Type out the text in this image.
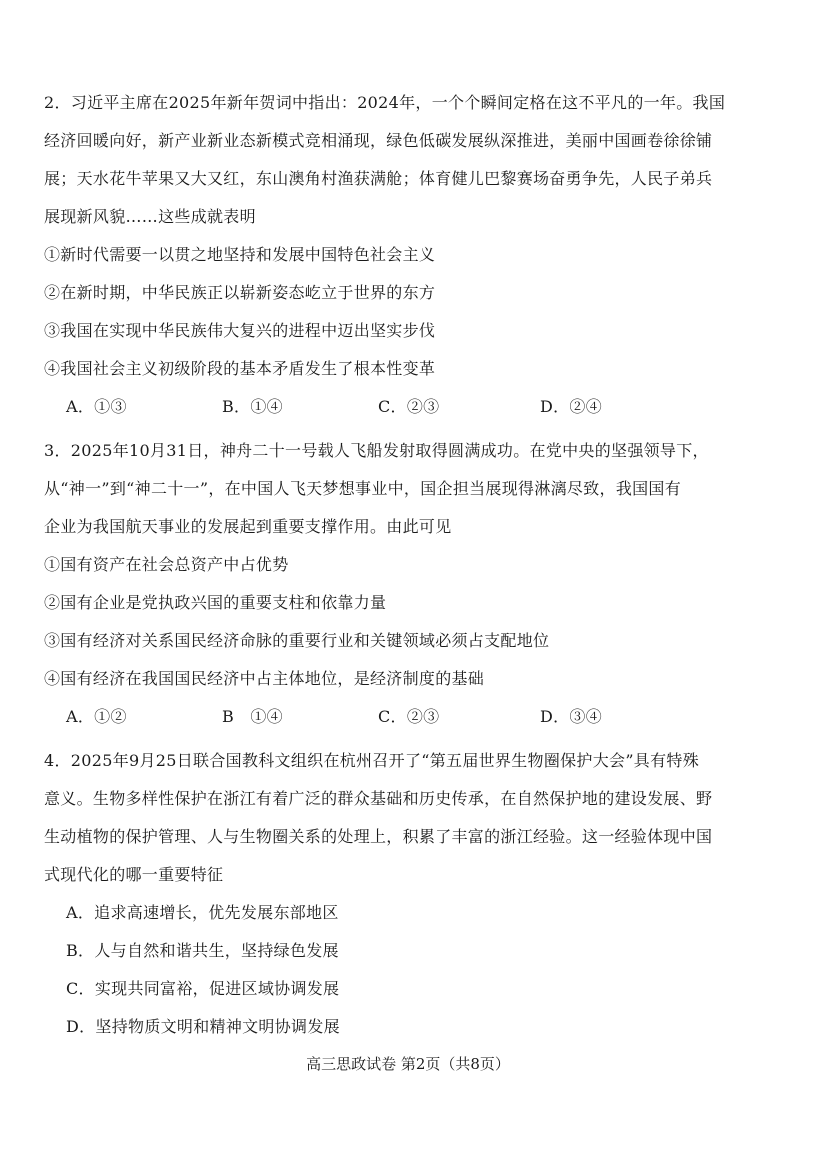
2．习近平主席在2025年新年贺词中指出：2024年，一个个瞬间定格在这不平凡的一年。我国
经济回暖向好，新产业新业态新模式竞相涌现，绿色低碳发展纵深推进，美丽中国画卷徐徐铺
展；天水花牛苹果又大又红，东山澳角村渔获满舱；体育健儿巴黎赛场奋勇争先，人民子弟兵
展现新风貌……这些成就表明
①新时代需要一以贯之地坚持和发展中国特色社会主义
②在新时期，中华民族正以崭新姿态屹立于世界的东方
③我国在实现中华民族伟大复兴的进程中迈出坚实步伐
④我国社会主义初级阶段的基本矛盾发生了根本性变革
A．①③	B．①④	C．②③	D．②④
3．2025年10月31日，神舟二十一号载人飞船发射取得圆满成功。在党中央的坚强领导下，
从“神一”到“神二十一”，在中国人飞天梦想事业中，国企担当展现得淋漓尽致，我国国有
企业为我国航天事业的发展起到重要支撑作用。由此可见
①国有资产在社会总资产中占优势
②国有企业是党执政兴国的重要支柱和依靠力量
③国有经济对关系国民经济命脉的重要行业和关键领域必须占支配地位
④国有经济在我国国民经济中占主体地位，是经济制度的基础
A．①②	B　①④	C．②③	D．③④
4．2025年9月25日联合国教科文组织在杭州召开了“第五届世界生物圈保护大会”具有特殊
意义。生物多样性保护在浙江有着广泛的群众基础和历史传承，在自然保护地的建设发展、野
生动植物的保护管理、人与生物圈关系的处理上，积累了丰富的浙江经验。这一经验体现中国
式现代化的哪一重要特征
A．追求高速增长，优先发展东部地区
B．人与自然和谐共生，坚持绿色发展
C．实现共同富裕，促进区域协调发展
D．坚持物质文明和精神文明协调发展
高三思政试卷 第2页（共8页）
